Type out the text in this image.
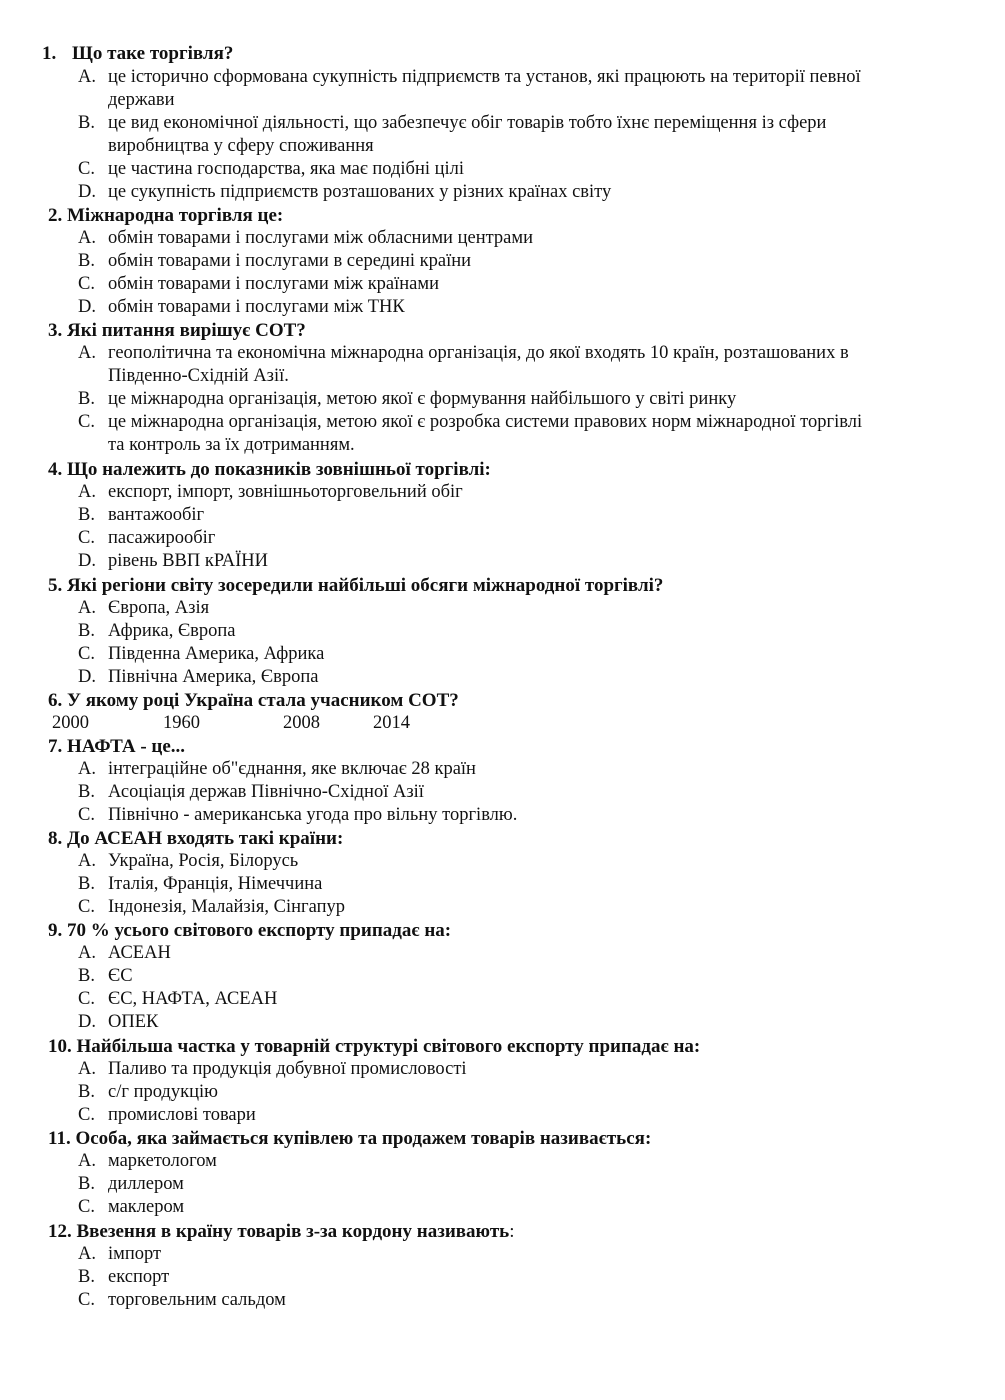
1. Що таке торгівля?
A. це історично сформована сукупність підприємств та установ, які працюють на території певної
держави
B. це вид економічної діяльності, що забезпечує обіг товарів тобто їхнє переміщення із сфери
виробництва у сферу споживання
C. це частина господарства, яка має подібні цілі
D. це сукупність підприємств розташованих у різних країнах світу
2. Міжнародна торгівля це:
A. обмін товарами і послугами між обласними центрами
B. обмін товарами і послугами в середині країни
C. обмін товарами і послугами між країнами
D. обмін товарами і послугами між ТНК
3. Які питання вирішує СОТ?
A. геополітична та економічна міжнародна організація, до якої входять 10 країн, розташованих в
Південно-Східній Азії.
B. це міжнародна організація, метою якої є формування найбільшого у світі ринку
C. це міжнародна організація, метою якої є розробка системи правових норм міжнародної торгівлі
та контроль за їх дотриманням.
4. Що належить до показників зовнішньої торгівлі:
A. експорт, імпорт, зовнішньоторговельний обіг
B. вантажообіг
C. пасажирообіг
D. рівень ВВП кРАЇНИ
5. Які регіони світу зосередили найбільші обсяги міжнародної торгівлі?
A. Європа, Азія
B. Африка, Європа
C. Південна Америка, Африка
D. Північна Америка, Європа
6. У якому році Україна стала учасником СОТ?
2000	1960	2008	2014
7. НАФТА - це...
A. інтеграційне об"єднання, яке включає 28 країн
B. Асоціація держав Північно-Східної Азії
C. Північно - американська угода про вільну торгівлю.
8. До АСЕАН входять такі країни:
A. Україна, Росія, Білорусь
B. Італія, Франція, Німеччина
C. Індонезія, Малайзія, Сінгапур
9. 70 % усього світового експорту припадає на:
A. АСЕАН
B. ЄС
C. ЄС, НАФТА, АСЕАН
D. ОПЕК
10. Найбільша частка у товарній структурі світового експорту припадає на:
A. Паливо та продукція добувної промисловості
B. с/г продукцію
C. промислові товари
11. Особа, яка займається купівлею та продажем товарів називається:
A. маркетологом
B. диллером
C. маклером
12. Ввезення в країну товарів з-за кордону називають:
A. імпорт
B. експорт
C. торговельним сальдом
